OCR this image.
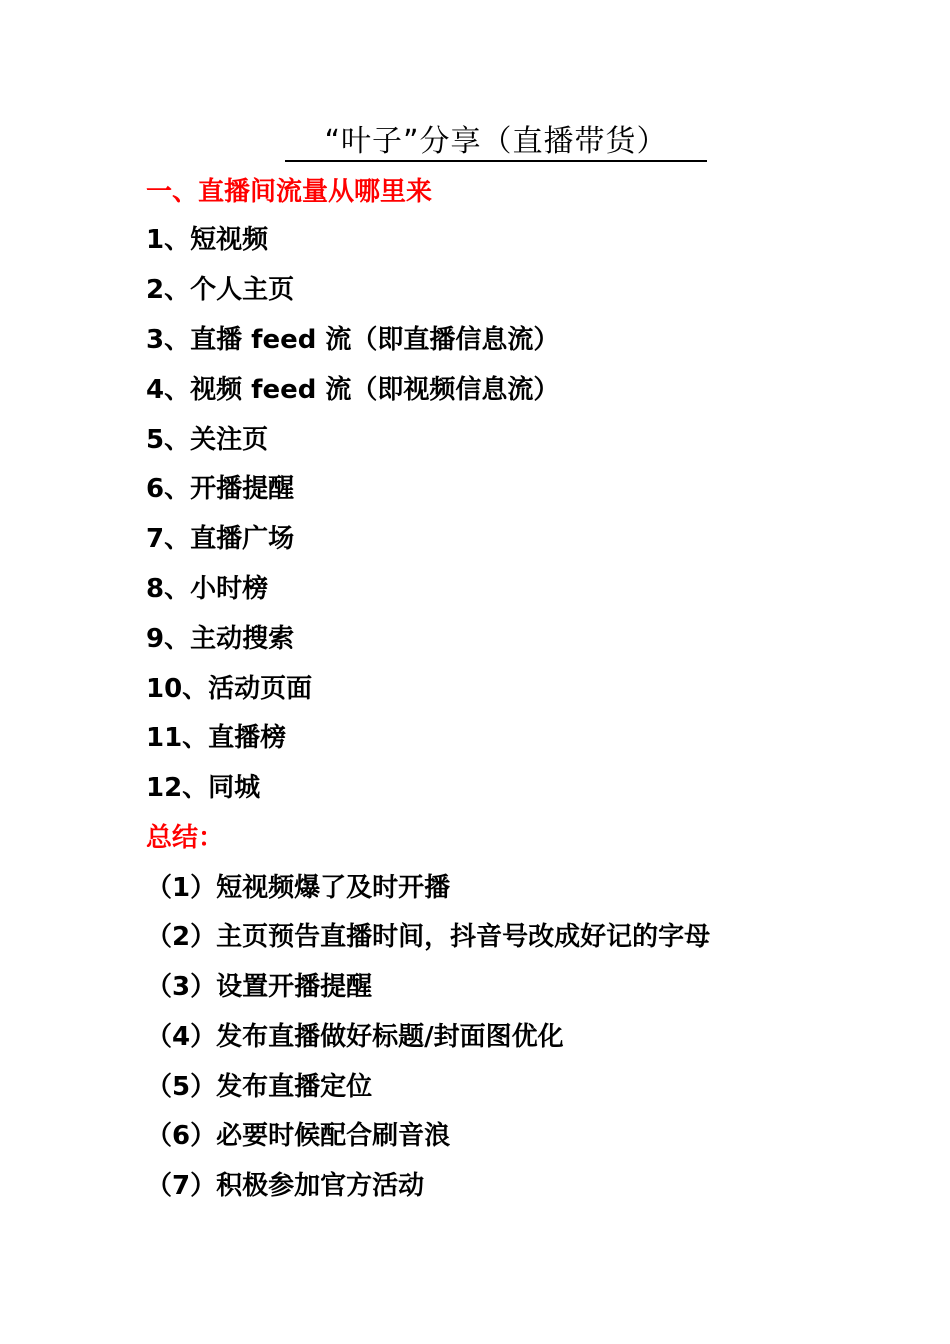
“叶子”分享（直播带货）
一、直播间流量从哪里来
1、短视频
2、个人主页
3、直播 feed 流（即直播信息流）
4、视频 feed 流（即视频信息流）
5、关注页
6、开播提醒
7、直播广场
8、小时榜
9、主动搜索
10、活动页面
11、直播榜
12、同城
总结：
（1）短视频爆了及时开播
（2）主页预告直播时间，抖音号改成好记的字母
（3）设置开播提醒
（4）发布直播做好标题/封面图优化
（5）发布直播定位
（6）必要时候配合刷音浪
（7）积极参加官方活动
